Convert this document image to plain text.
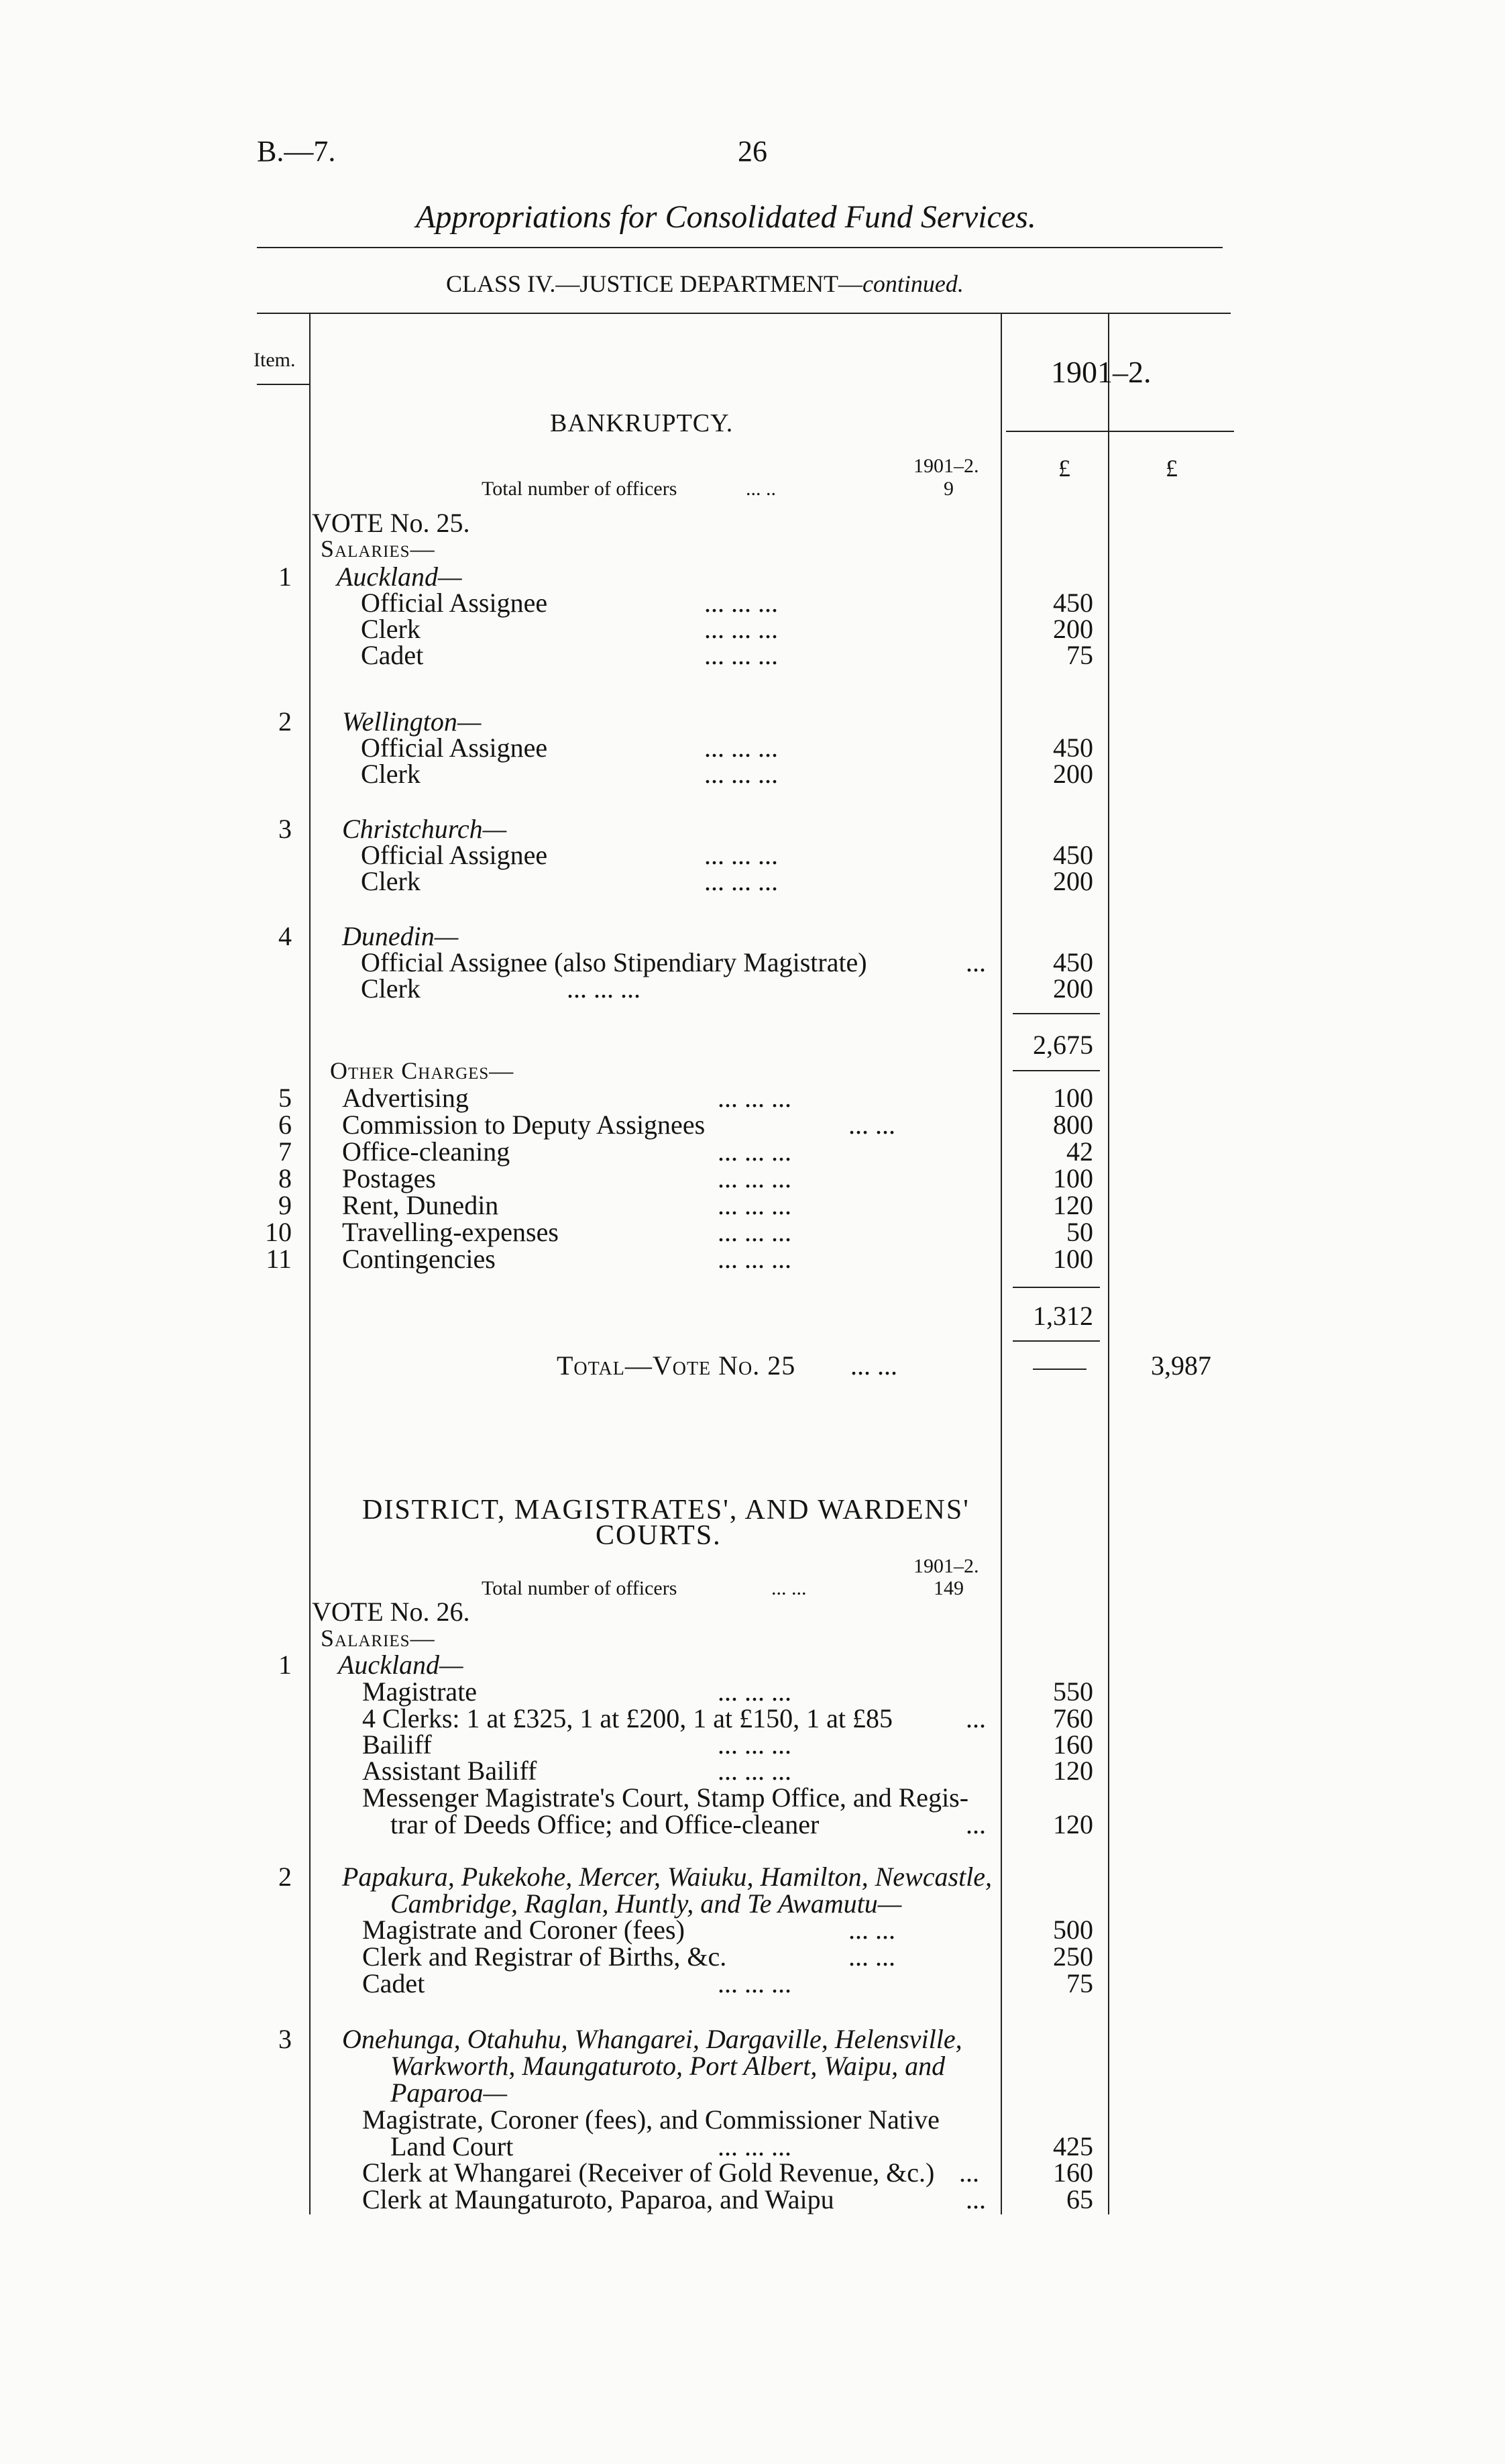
B.—7.	26
Appropriations for Consolidated Fund Services.
CLASS IV.—JUSTICE DEPARTMENT—continued.
Item.	1901–2.
£	£
BANKRUPTCY.
1901–2.
Total number of officers	... ..	9
VOTE No. 25.
Salaries—
1 Auckland—
Official Assignee	... ... ...	450
Clerk	... ... ...	200
Cadet	... ... ...	75
2 Wellington—
Official Assignee	... ... ...	450
Clerk	... ... ...	200
3 Christchurch—
Official Assignee	... ... ...	450
Clerk	... ... ...	200
4 Dunedin—
Official Assignee (also Stipendiary Magistrate)	...	450
Clerk	... ... ...	200
2,675
Other Charges—
5 Advertising	... ... ...	100
6 Commission to Deputy Assignees	... ...	800
7 Office-cleaning	... ... ...	42
8 Postages	... ... ...	100
9 Rent, Dunedin	... ... ...	120
10 Travelling-expenses	... ... ...	50
11 Contingencies	... ... ...	100
1,312
Total—Vote No. 25 ... ...	3,987
DISTRICT, MAGISTRATES', AND WARDENS'
COURTS.
1901–2.
Total number of officers	... ...	149
VOTE No. 26.
Salaries—
1 Auckland—
Magistrate	... ... ...	550
4 Clerks: 1 at £325, 1 at £200, 1 at £150, 1 at £85	...	760
Bailiff	... ... ...	160
Assistant Bailiff	... ... ...	120
Messenger Magistrate's Court, Stamp Office, and Regis-
trar of Deeds Office; and Office-cleaner	...	120
2 Papakura, Pukekohe, Mercer, Waiuku, Hamilton, Newcastle,
Cambridge, Raglan, Huntly, and Te Awamutu—
Magistrate and Coroner (fees)	... ...	500
Clerk and Registrar of Births, &c.	... ...	250
Cadet	... ... ...	75
3 Onehunga, Otahuhu, Whangarei, Dargaville, Helensville,
Warkworth, Maungaturoto, Port Albert, Waipu, and
Paparoa—
Magistrate, Coroner (fees), and Commissioner Native
Land Court	... ... ...	425
Clerk at Whangarei (Receiver of Gold Revenue, &c.) ...	160
Clerk at Maungaturoto, Paparoa, and Waipu	...	65
